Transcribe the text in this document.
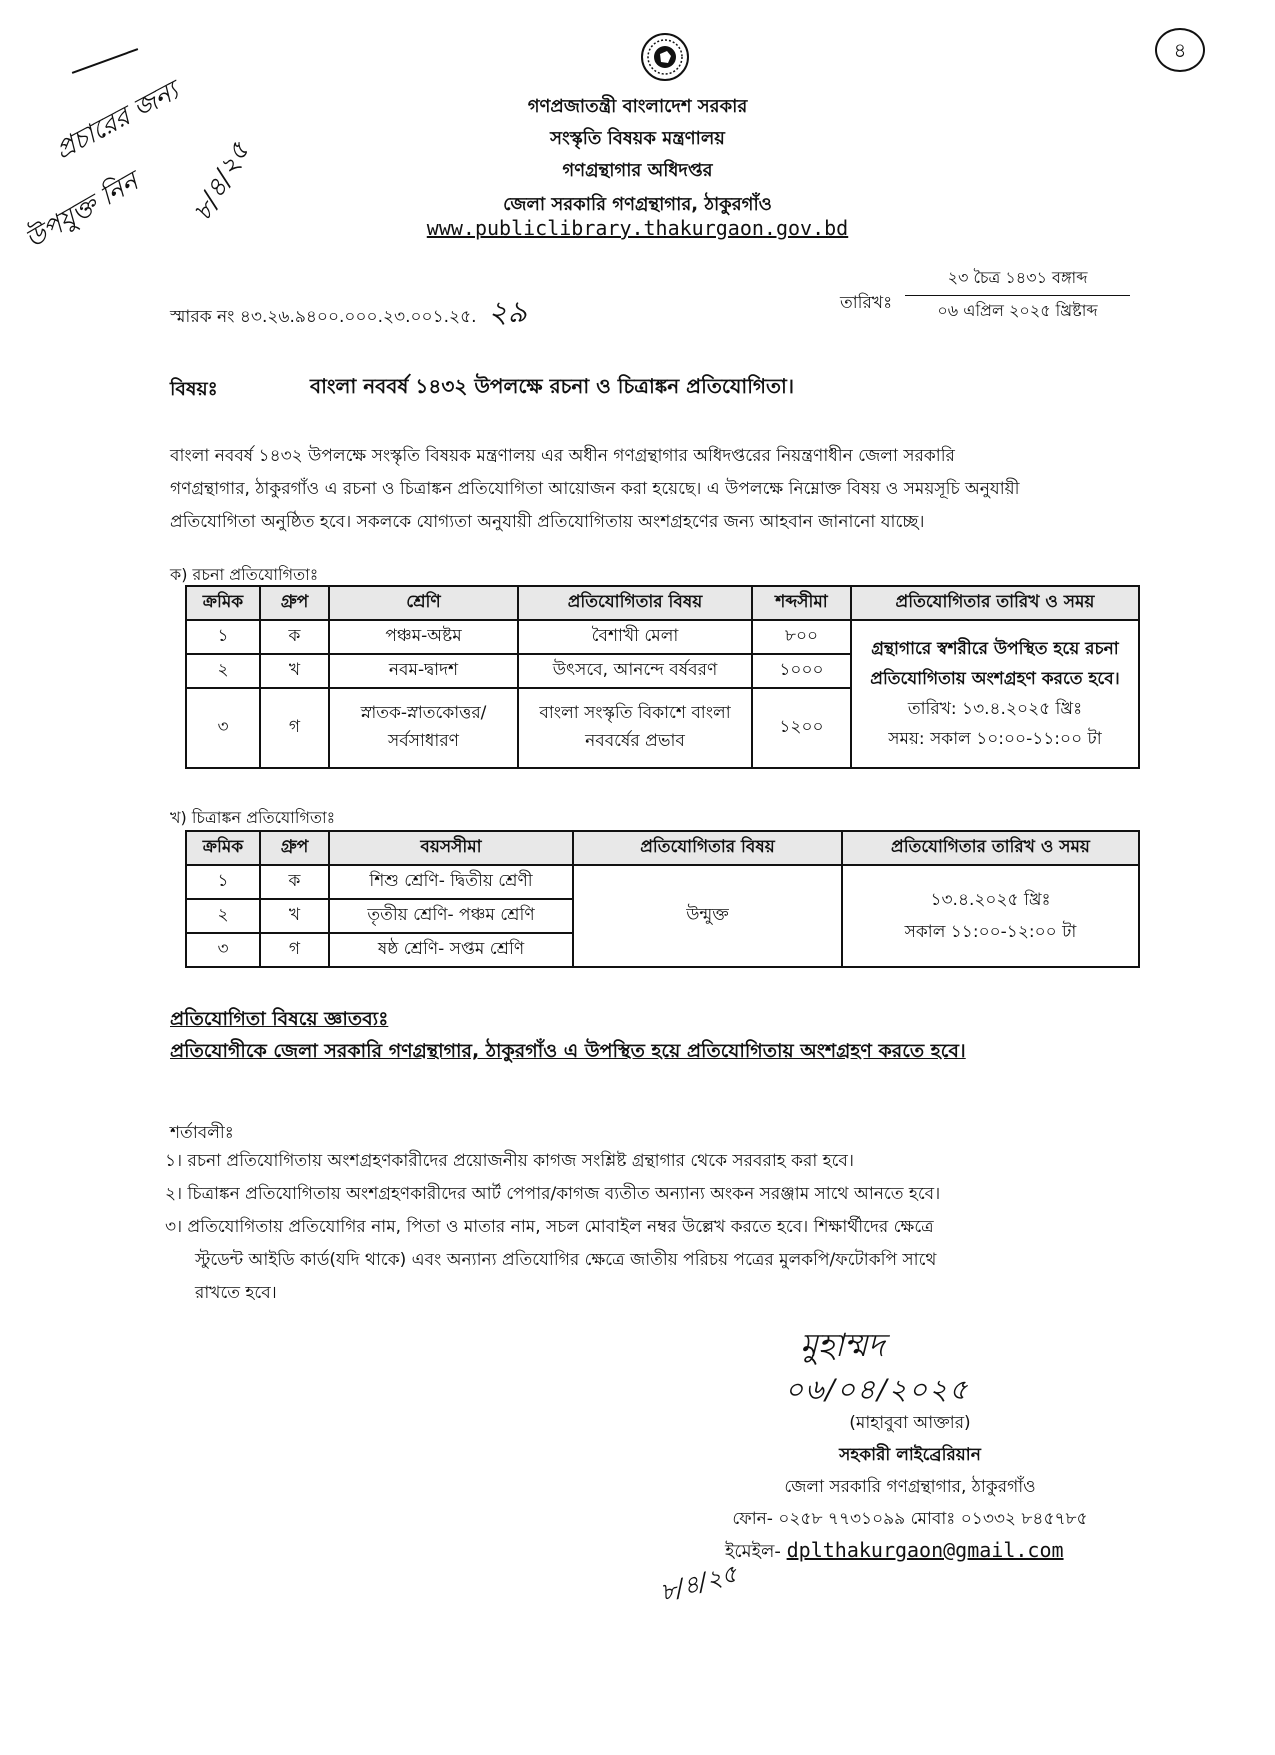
৪
প্রচারের জন্য
উপযুক্ত নিন ৮/৪/২৫
গণপ্রজাতন্ত্রী বাংলাদেশ সরকার
সংস্কৃতি বিষয়ক মন্ত্রণালয়
গণগ্রন্থাগার অধিদপ্তর
জেলা সরকারি গণগ্রন্থাগার, ঠাকুরগাঁও
www.publiclibrary.thakurgaon.gov.bd
স্মারক নং ৪৩.২৬.৯৪০০.০০০.২৩.০০১.২৫. ২৯	তারিখঃ
২৩ চৈত্র ১৪৩১ বঙ্গাব্দ
০৬ এপ্রিল ২০২৫ খ্রিষ্টাব্দ
বিষয়ঃ	বাংলা নববর্ষ ১৪৩২ উপলক্ষে রচনা ও চিত্রাঙ্কন প্রতিযোগিতা।
বাংলা নববর্ষ ১৪৩২ উপলক্ষে সংস্কৃতি বিষয়ক মন্ত্রণালয় এর অধীন গণগ্রন্থাগার অধিদপ্তরের নিয়ন্ত্রণাধীন জেলা সরকারি
গণগ্রন্থাগার, ঠাকুরগাঁও এ রচনা ও চিত্রাঙ্কন প্রতিযোগিতা আয়োজন করা হয়েছে। এ উপলক্ষে নিম্নোক্ত বিষয় ও সময়সূচি অনুযায়ী
প্রতিযোগিতা অনুষ্ঠিত হবে। সকলকে যোগ্যতা অনুযায়ী প্রতিযোগিতায় অংশগ্রহণের জন্য আহবান জানানো যাচ্ছে।
ক) রচনা প্রতিযোগিতাঃ
ক্রমিক	গ্রুপ	শ্রেণি	প্রতিযোগিতার বিষয়	শব্দসীমা	প্রতিযোগিতার তারিখ ও সময়
১	ক	পঞ্চম-অষ্টম	বৈশাখী মেলা	৮০০	গ্রন্থাগারে স্বশরীরে উপস্থিত হয়ে রচনা প্রতিযোগিতায় অংশগ্রহণ করতে হবে।
তারিখ: ১৩.৪.২০২৫ খ্রিঃ
সময়: সকাল ১০:০০-১১:০০ টা

২	খ	নবম-দ্বাদশ	উৎসবে, আনন্দে বর্ষবরণ	১০০০	
৩	গ	স্নাতক-স্নাতকোত্তর/ সর্বসাধারণ	বাংলা সংস্কৃতি বিকাশে বাংলা নববর্ষের প্রভাব	১২০০	
খ) চিত্রাঙ্কন প্রতিযোগিতাঃ
ক্রমিক	গ্রুপ	বয়সসীমা	প্রতিযোগিতার বিষয়	প্রতিযোগিতার তারিখ ও সময়
১	ক	শিশু শ্রেণি- দ্বিতীয় শ্রেণী	উন্মুক্ত	১৩.৪.২০২৫ খ্রিঃ
সকাল ১১:০০-১২:০০ টা

২	খ	তৃতীয় শ্রেণি- পঞ্চম শ্রেণি		
৩	গ	ষষ্ঠ শ্রেণি- সপ্তম শ্রেণি		
প্রতিযোগিতা বিষয়ে জ্ঞাতব্যঃ
প্রতিযোগীকে জেলা সরকারি গণগ্রন্থাগার, ঠাকুরগাঁও এ উপস্থিত হয়ে প্রতিযোগিতায় অংশগ্রহণ করতে হবে।
শর্তাবলীঃ
১। রচনা প্রতিযোগিতায় অংশগ্রহণকারীদের প্রয়োজনীয় কাগজ সংশ্লিষ্ট গ্রন্থাগার থেকে সরবরাহ করা হবে।
২। চিত্রাঙ্কন প্রতিযোগিতায় অংশগ্রহণকারীদের আর্ট পেপার/কাগজ ব্যতীত অন্যান্য অংকন সরঞ্জাম সাথে আনতে হবে।
৩। প্রতিযোগিতায় প্রতিযোগির নাম, পিতা ও মাতার নাম, সচল মোবাইল নম্বর উল্লেখ করতে হবে। শিক্ষার্থীদের ক্ষেত্রে
স্টুডেন্ট আইডি কার্ড(যদি থাকে) এবং অন্যান্য প্রতিযোগির ক্ষেত্রে জাতীয় পরিচয় পত্রের মুলকপি/ফটোকপি সাথে
রাখতে হবে।
মুহাম্মদ
০৬/০৪/২০২৫
(মাহাবুবা আক্তার)
সহকারী লাইব্রেরিয়ান
জেলা সরকারি গণগ্রন্থাগার, ঠাকুরগাঁও
ফোন- ০২৫৮ ৭৭৩১০৯৯ মোবাঃ ০১৩৩২ ৮৪৫৭৮৫
ইমেইল- dplthakurgaon@gmail.com
৮/৪/২৫
